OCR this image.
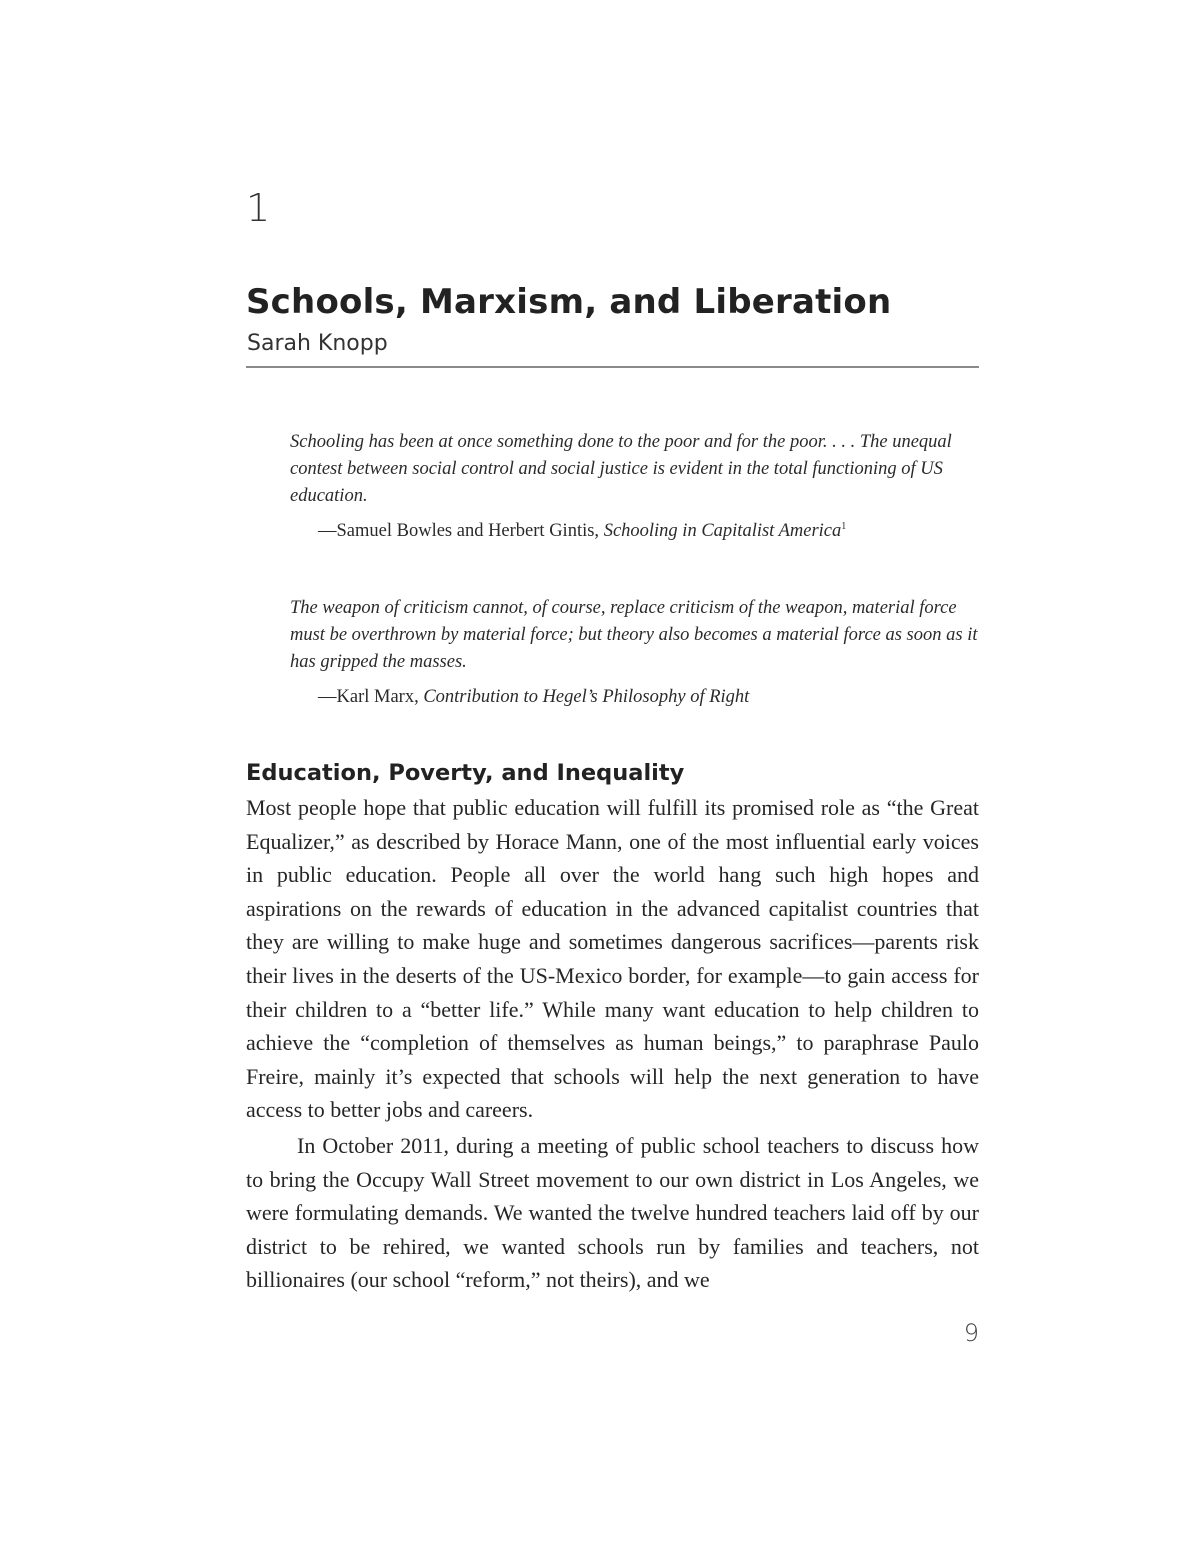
1
Schools, Marxism, and Liberation
Sarah Knopp

Schooling has been at once something done to the poor and for the poor. . . . The unequal contest between social control and social justice is evident in the total functioning of US education.

—Samuel Bowles and Herbert Gintis, Schooling in Capitalist America$^1$

The weapon of criticism cannot, of course, replace criticism of the weapon, material force must be overthrown by material force; but theory also becomes a material force as soon as it has gripped the masses.

—Karl Marx, Contribution to Hegel’s Philosophy of Right
Education, Poverty, and Inequality

Most people hope that public education will fulfill its promised role as “the Great Equalizer,” as described by Horace Mann, one of the most influential early voices in public education. People all over the world hang such high hopes and aspirations on the rewards of education in the advanced capitalist countries that they are willing to make huge and sometimes dangerous sacrifices—parents risk their lives in the deserts of the US-Mexico border, for example—to gain access for their children to a “better life.” While many want education to help children to achieve the “completion of themselves as human beings,” to paraphrase Paulo Freire, mainly it’s expected that schools will help the next generation to have access to better jobs and careers.

In October 2011, during a meeting of public school teachers to discuss how to bring the Occupy Wall Street movement to our own district in Los Angeles, we were formulating demands. We wanted the twelve hundred teachers laid off by our district to be rehired, we wanted schools run by families and teachers, not billionaires (our school “reform,” not theirs), and we

9
